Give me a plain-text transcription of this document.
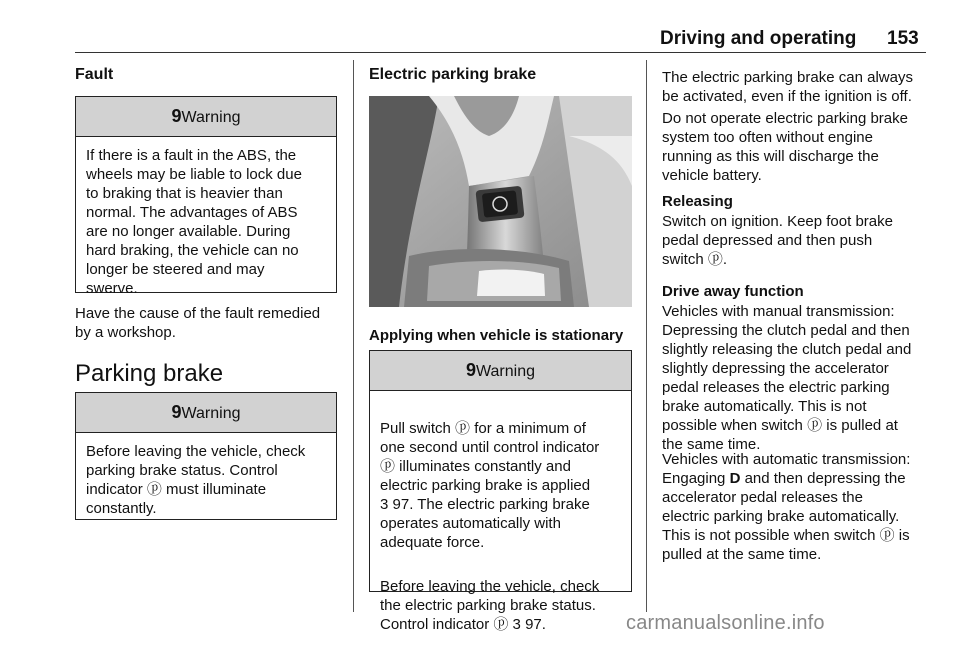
Driving and operating 153
Fault
9Warning
If there is a fault in the ABS, the
wheels may be liable to lock due
to braking that is heavier than
normal. The advantages of ABS
are no longer available. During
hard braking, the vehicle can no
longer be steered and may
swerve.
Have the cause of the fault remedied
by a workshop.
Parking brake
9Warning
Before leaving the vehicle, check
parking brake status. Control
indicator ⓟ must illuminate
constantly.
Electric parking brake
Applying when vehicle is stationary
9Warning

Pull switch ⓟ for a minimum of
one second until control indicator
ⓟ illuminates constantly and
electric parking brake is applied
3 97. The electric parking brake
operates automatically with
adequate force.

Before leaving the vehicle, check
the electric parking brake status.
Control indicator ⓟ 3 97.

The electric parking brake can always
be activated, even if the ignition is off.
Do not operate electric parking brake
system too often without engine
running as this will discharge the
vehicle battery.
Releasing
Switch on ignition. Keep foot brake
pedal depressed and then push
switch ⓟ.
Drive away function
Vehicles with manual transmission:
Depressing the clutch pedal and then
slightly releasing the clutch pedal and
slightly depressing the accelerator
pedal releases the electric parking
brake automatically. This is not
possible when switch ⓟ is pulled at
the same time.
Vehicles with automatic transmission:
Engaging D and then depressing the
accelerator pedal releases the
electric parking brake automatically.
This is not possible when switch ⓟ is
pulled at the same time.
carmanualsonline.info
